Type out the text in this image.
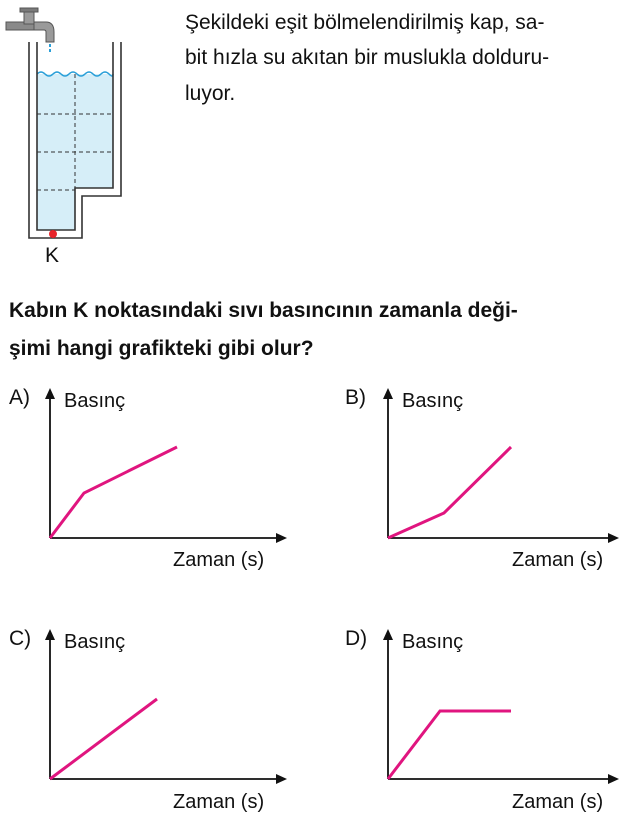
Şekildeki eşit bölmelendirilmiş kap, sa-
bit hızla su akıtan bir muslukla dolduru-
luyor.
K
Kabın K noktasındaki sıvı basıncının zamanla deği-
şimi hangi grafikteki gibi olur?
A) Basınç
Zaman (s)
B)
Zaman (s)
Basınç
C) Basınç
Zaman (s)
D) Basınç
Zaman (s)
